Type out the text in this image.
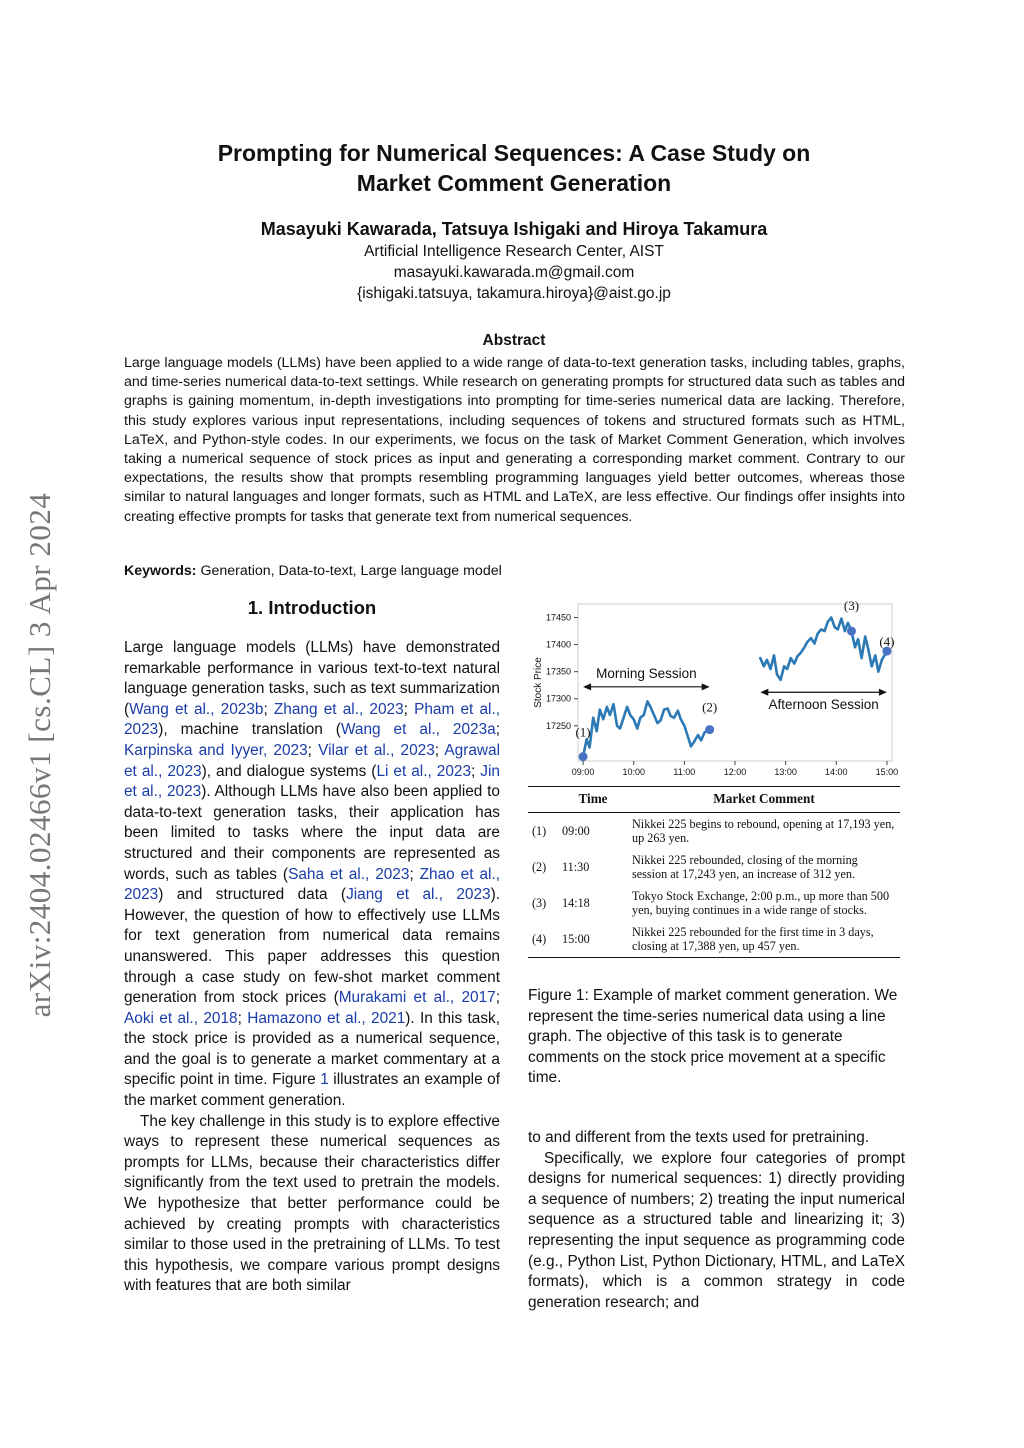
arXiv:2404.02466v1 [cs.CL] 3 Apr 2024
Prompting for Numerical Sequences: A Case Study on
Market Comment Generation
Masayuki Kawarada, Tatsuya Ishigaki and Hiroya Takamura
Artificial Intelligence Research Center, AIST
masayuki.kawarada.m@gmail.com
{ishigaki.tatsuya, takamura.hiroya}@aist.go.jp
Abstract
Large language models (LLMs) have been applied to a wide range of data-to-text generation tasks, including tables, graphs, and time-series numerical data-to-text settings. While research on generating prompts for structured data such as tables and graphs is gaining momentum, in-depth investigations into prompting for time-series numerical data are lacking. Therefore, this study explores various input representations, including sequences of tokens and structured formats such as HTML, LaTeX, and Python-style codes. In our experiments, we focus on the task of Market Comment Generation, which involves taking a numerical sequence of stock prices as input and generating a corresponding market comment. Contrary to our expectations, the results show that prompts resembling programming languages yield better outcomes, whereas those similar to natural languages and longer formats, such as HTML and LaTeX, are less effective. Our findings offer insights into creating effective prompts for tasks that generate text from numerical sequences.
Keywords: Generation, Data-to-text, Large language model
1. Introduction

Large language models (LLMs) have demonstrated remarkable performance in various text-to-text natural language generation tasks, such as text summarization (Wang et al., 2023b; Zhang et al., 2023; Pham et al., 2023), machine translation (Wang et al., 2023a; Karpinska and Iyyer, 2023; Vilar et al., 2023; Agrawal et al., 2023), and dialogue systems (Li et al., 2023; Jin et al., 2023). Although LLMs have also been applied to data-to-text generation tasks, their application has been limited to tasks where the input data are structured and their components are represented as words, such as tables (Saha et al., 2023; Zhao et al., 2023) and structured data (Jiang et al., 2023). However, the question of how to effectively use LLMs for text generation from numerical data remains unanswered. This paper addresses this question through a case study on few-shot market comment generation from stock prices (Murakami et al., 2017; Aoki et al., 2018; Hamazono et al., 2021). In this task, the stock price is provided as a numerical sequence, and the goal is to generate a market commentary at a specific point in time. Figure 1 illustrates an example of the market comment generation.

The key challenge in this study is to explore effective ways to represent these numerical sequences as prompts for LLMs, because their characteristics differ significantly from the text used to pretrain the models. We hypothesize that better performance could be achieved by creating prompts with characteristics similar to those used in the pretraining of LLMs. To test this hypothesis, we compare various prompt designs with features that are both similar

17250
17300
17350
17400
17450
09:00	10:00	11:00	12:00	13:00	14:00	15:00
Stock Price	Morning Session
Afternoon Session
(1)
(2)
(3)
(4)
	Time	Market Comment
(1)	09:00	Nikkei 225 begins to rebound, opening at 17,193 yen, up 263 yen.
(2)	11:30	Nikkei 225 rebounded, closing of the morning session at 17,243 yen, an increase of 312 yen.
(3)	14:18	Tokyo Stock Exchange, 2:00 p.m., up more than 500 yen, buying continues in a wide range of stocks.
(4)	15:00	Nikkei 225 rebounded for the first time in 3 days, closing at 17,388 yen, up 457 yen.
Figure 1: Example of market comment generation. We represent the time-series numerical data using a line graph. The objective of this task is to generate comments on the stock price movement at a specific time.

to and different from the texts used for pretraining.

Specifically, we explore four categories of prompt designs for numerical sequences: 1) directly providing a sequence of numbers; 2) treating the input numerical sequence as a structured table and linearizing it; 3) representing the input sequence as programming code (e.g., Python List, Python Dictionary, HTML, and LaTeX formats), which is a common strategy in code generation research; and
